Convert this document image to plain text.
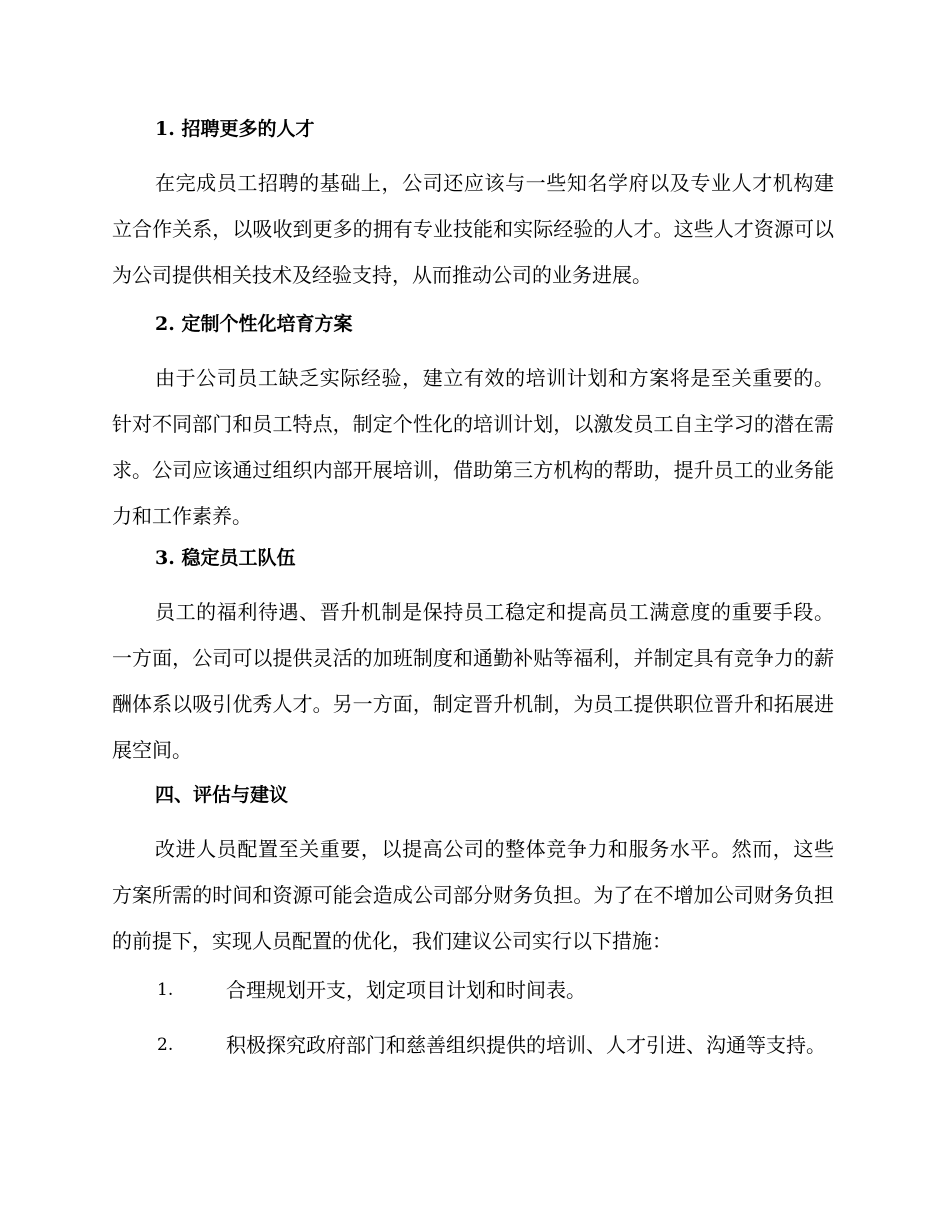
1. 招聘更多的人才

在完成员工招聘的基础上，公司还应该与一些知名学府以及专业人才机构建立合作关系，以吸收到更多的拥有专业技能和实际经验的人才。这些人才资源可以为公司提供相关技术及经验支持，从而推动公司的业务进展。

2. 定制个性化培育方案

由于公司员工缺乏实际经验，建立有效的培训计划和方案将是至关重要的。针对不同部门和员工特点，制定个性化的培训计划，以激发员工自主学习的潜在需求。公司应该通过组织内部开展培训，借助第三方机构的帮助，提升员工的业务能力和工作素养。

3. 稳定员工队伍

员工的福利待遇、晋升机制是保持员工稳定和提高员工满意度的重要手段。一方面，公司可以提供灵活的加班制度和通勤补贴等福利，并制定具有竞争力的薪酬体系以吸引优秀人才。另一方面，制定晋升机制，为员工提供职位晋升和拓展进展空间。

四、评估与建议

改进人员配置至关重要，以提高公司的整体竞争力和服务水平。然而，这些方案所需的时间和资源可能会造成公司部分财务负担。为了在不增加公司财务负担的前提下，实现人员配置的优化，我们建议公司实行以下措施：

1.	合理规划开支，划定项目计划和时间表。

2.	积极探究政府部门和慈善组织提供的培训、人才引进、沟通等支持。
